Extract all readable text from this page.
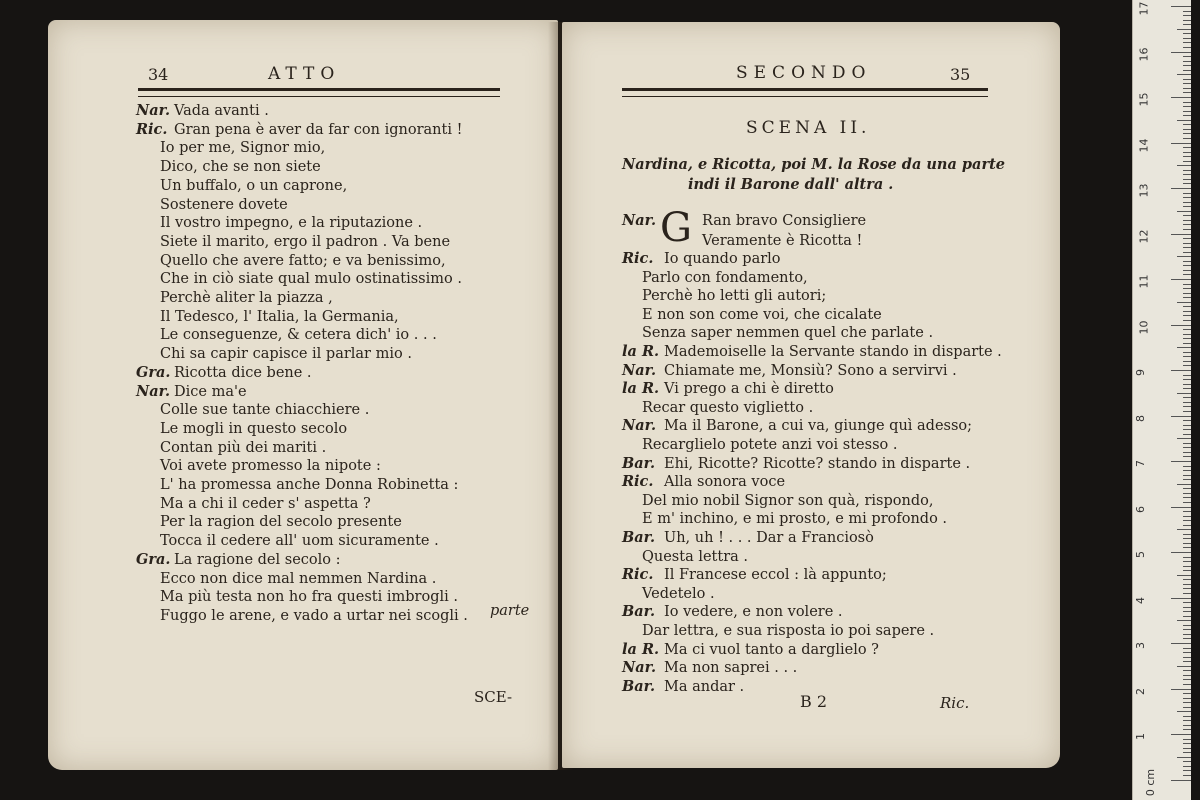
34	ATTO
Nar. Vada avanti .
Ric. Gran pena è aver da far con ignoranti !
Io per me, Signor mio,
Dico, che se non siete
Un buffalo, o un caprone,
Sostenere dovete
Il vostro impegno, e la riputazione .
Siete il marito, ergo il padron . Va bene
Quello che avere fatto; e va benissimo,
Che in ciò siate qual mulo ostinatissimo .
Perchè aliter la piazza ,
Il Tedesco, l' Italia, la Germania,
Le conseguenze, & cetera dich' io . . .
Chi sa capir capisce il parlar mio .
Gra. Ricotta dice bene .
Nar. Dice ma'e
Colle sue tante chiacchiere .
Le mogli in questo secolo
Contan più dei mariti .
Voi avete promesso la nipote :
L' ha promessa anche Donna Robinetta :
Ma a chi il ceder s' aspetta ?
Per la ragion del secolo presente
Tocca il cedere all' uom sicuramente .
Gra. La ragione del secolo :
Ecco non dice mal nemmen Nardina .
Ma più testa non ho fra questi imbrogli .
Fuggo le arene, e vado a urtar nei scogli . parte
SCE-
SECONDO	35
SCENA II.
Nardina, e Ricotta, poi M. la Rose da una parte
indi il Barone dall' altra .
Nar. G Ran bravo Consigliere
Veramente è Ricotta !
Ric. Io quando parlo
Parlo con fondamento,
Perchè ho letti gli autori;
E non son come voi, che cicalate
Senza saper nemmen quel che parlate .
la R. Mademoiselle la Servante stando in disparte .
Nar. Chiamate me, Monsiù? Sono a servirvi .
la R. Vi prego a chi è diretto
Recar questo viglietto .
Nar. Ma il Barone, a cui va, giunge quì adesso;
Recarglielo potete anzi voi stesso .
Bar. Ehi, Ricotte? Ricotte? stando in disparte .
Ric. Alla sonora voce
Del mio nobil Signor son quà, rispondo,
E m' inchino, e mi prosto, e mi profondo .
Bar. Uh, uh ! . . . Dar a Franciosò
Questa lettra .
Ric. Il Francese eccol : là appunto;
Vedetelo .
Bar. Io vedere, e non volere .
Dar lettra, e sua risposta io poi sapere .
la R. Ma ci vuol tanto a darglielo ?
Nar. Ma non saprei . . .
Bar. Ma andar .
B 2	Ric.
17
16
15
14
13
12
11
10
9
8
7
6
5
4
3
2
1
0 cm
